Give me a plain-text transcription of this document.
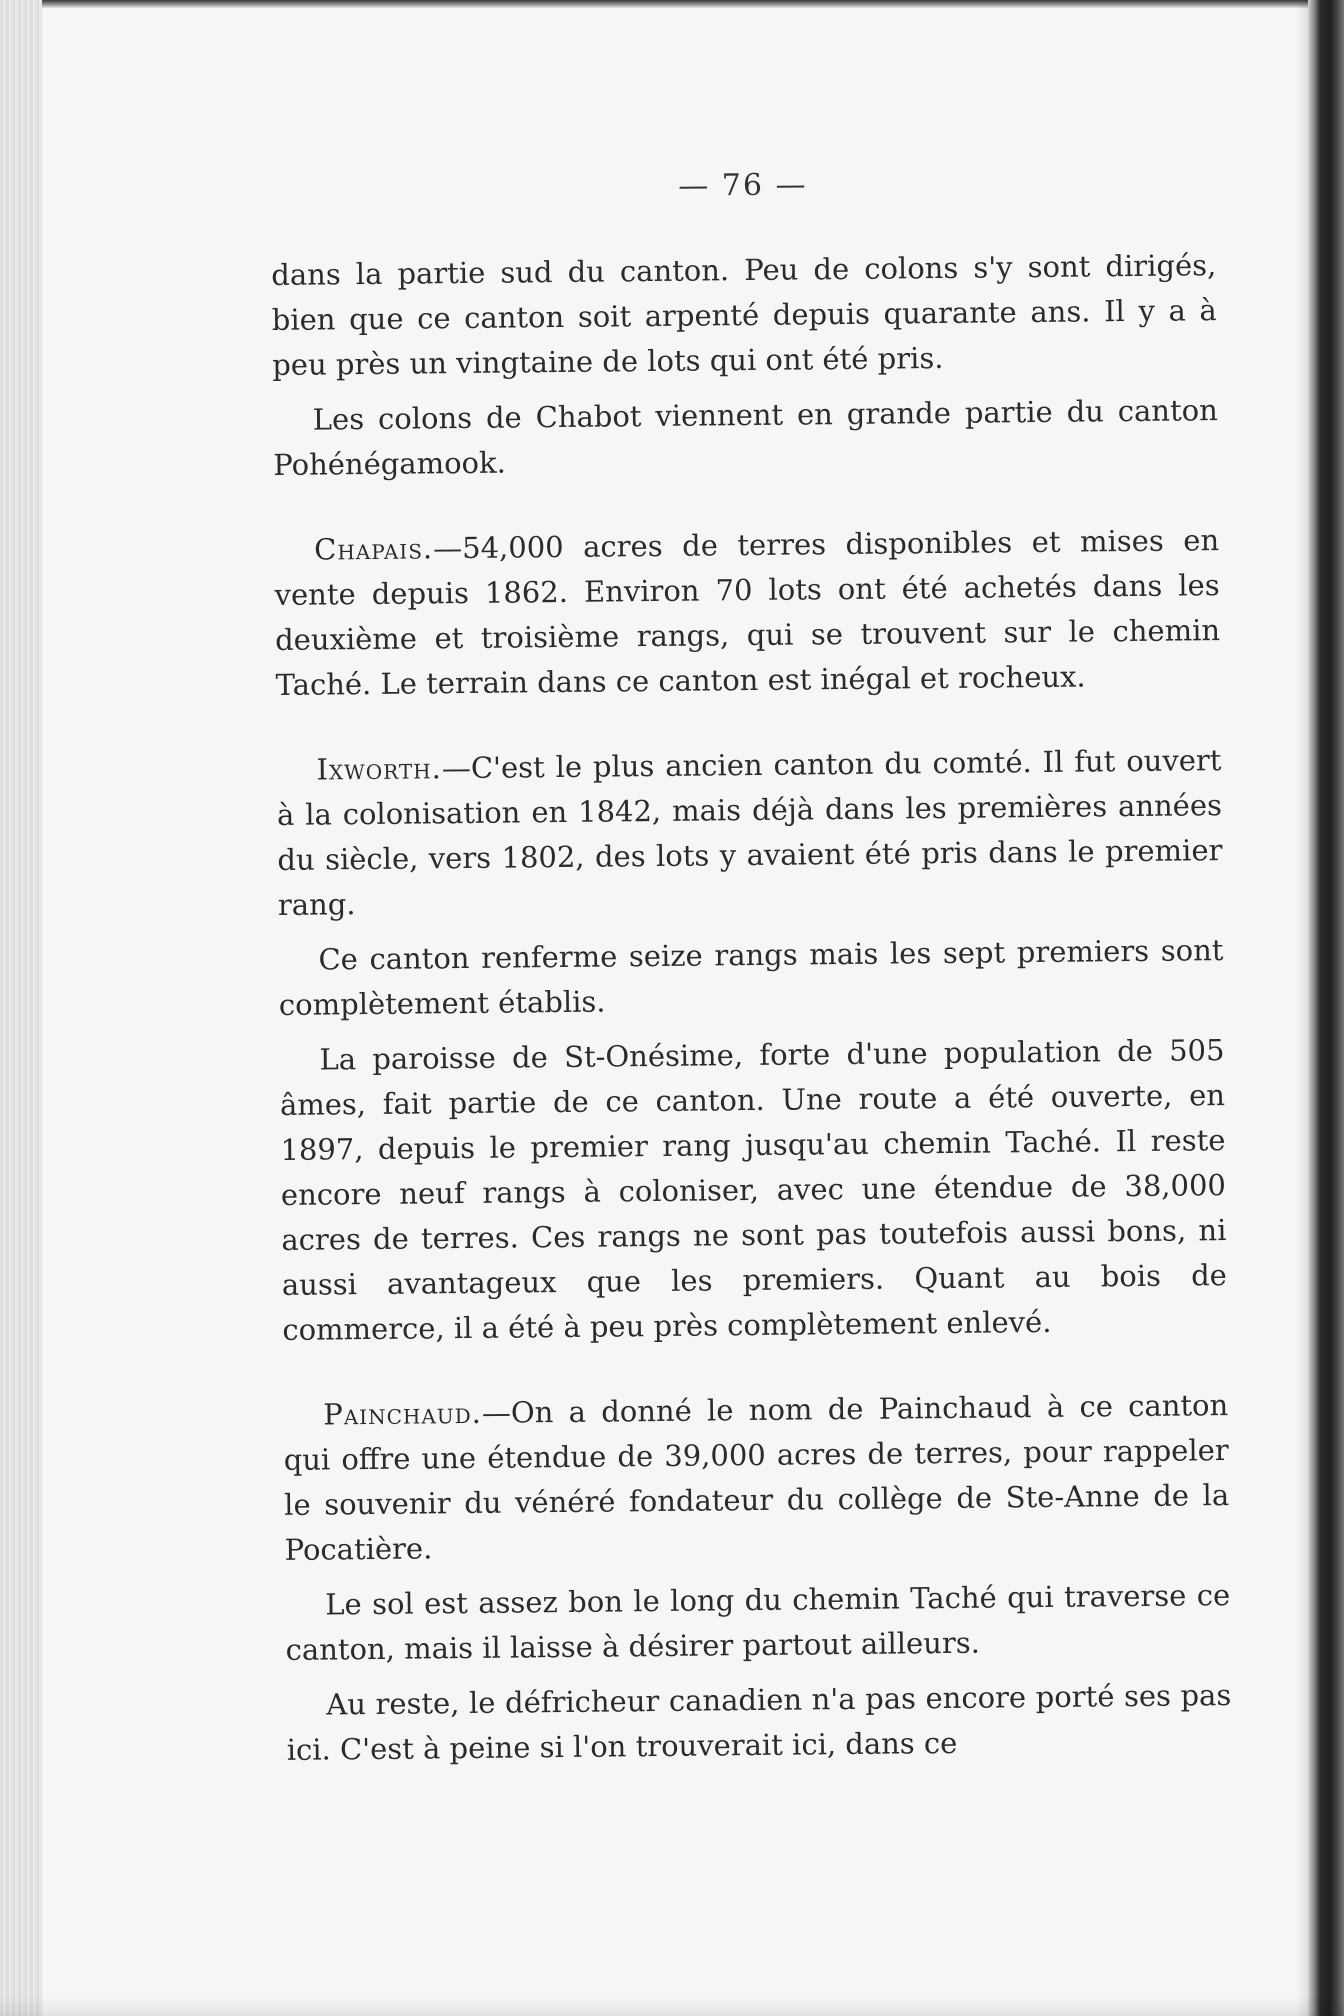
— 76 —

dans la partie sud du canton. Peu de colons s'y sont dirigés, bien que ce canton soit arpenté depuis quarante ans. Il y a à peu près un vingtaine de lots qui ont été pris.

Les colons de Chabot viennent en grande partie du canton Pohénégamook.

Chapais.—54,000 acres de terres disponibles et mises en vente depuis 1862. Environ 70 lots ont été achetés dans les deuxième et troisième rangs, qui se trouvent sur le chemin Taché. Le terrain dans ce canton est inégal et rocheux.

Ixworth.—C'est le plus ancien canton du comté. Il fut ouvert à la colonisation en 1842, mais déjà dans les premières années du siècle, vers 1802, des lots y avaient été pris dans le premier rang.

Ce canton renferme seize rangs mais les sept premiers sont complètement établis.

La paroisse de St-Onésime, forte d'une population de 505 âmes, fait partie de ce canton. Une route a été ouverte, en 1897, depuis le premier rang jusqu'au chemin Taché. Il reste encore neuf rangs à coloniser, avec une étendue de 38,000 acres de terres. Ces rangs ne sont pas toutefois aussi bons, ni aussi avantageux que les premiers. Quant au bois de commerce, il a été à peu près complètement enlevé.

Painchaud.—On a donné le nom de Painchaud à ce canton qui offre une étendue de 39,000 acres de terres, pour rappeler le souvenir du vénéré fondateur du collège de Ste-Anne de la Pocatière.

Le sol est assez bon le long du chemin Taché qui traverse ce canton, mais il laisse à désirer partout ailleurs.

Au reste, le défricheur canadien n'a pas encore porté ses pas ici. C'est à peine si l'on trouverait ici, dans ce
